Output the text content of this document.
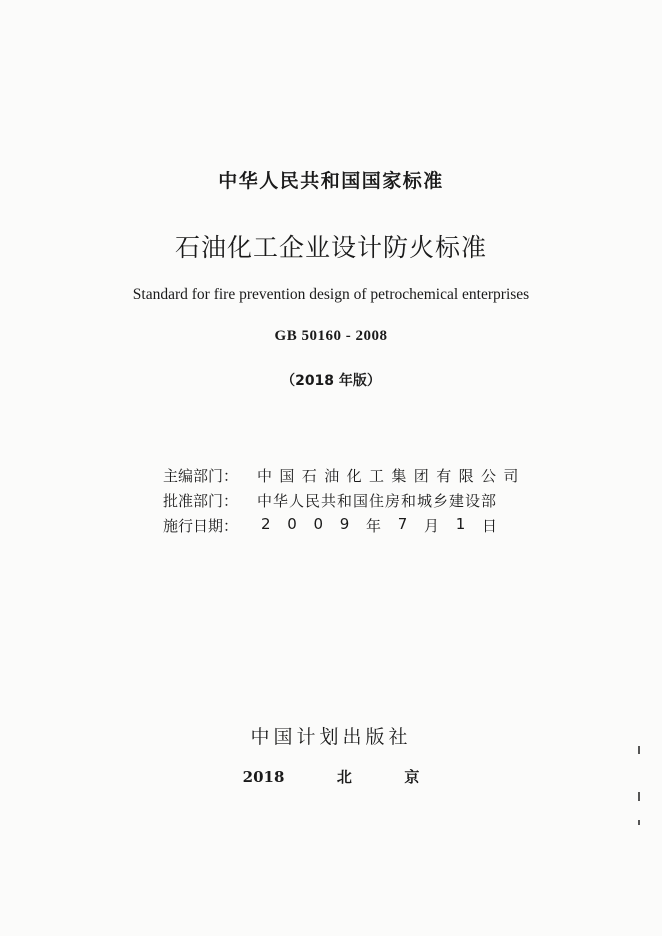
中华人民共和国国家标准
石油化工企业设计防火标准
Standard for fire prevention design of petrochemical enterprises
GB 50160 - 2008
（2018 年版）
主编部门：	中国石油化工集团有限公司
批准部门：	中华人民共和国住房和城乡建设部
施行日期：	2 0 0 9 年 7 月 1 日
中国计划出版社
2018	北	京
